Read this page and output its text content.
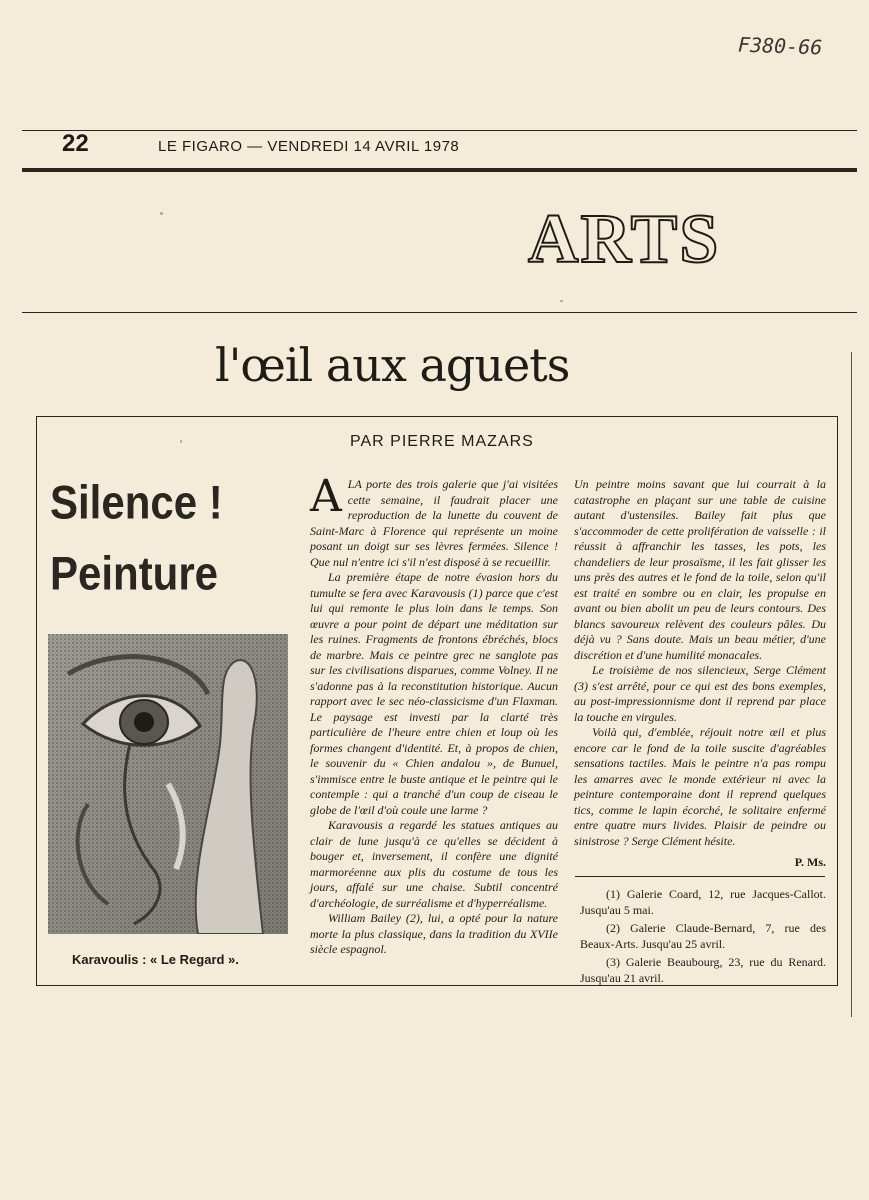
F380-66
22	LE FIGARO — VENDREDI 14 AVRIL 1978
ARTS
l'œil aux aguets
PAR PIERRE MAZARS
Silence !
Peinture
Karavoulis : « Le Regard ».

ALA porte des trois galerie que j'ai visitées cette semaine, il faudrait placer une reproduction de la lunette du couvent de Saint-Marc à Florence qui représente un moine posant un doigt sur ses lèvres fermées. Silence ! Que nul n'entre ici s'il n'est disposé à se recueillir.

La première étape de notre évasion hors du tumulte se fera avec Karavousis (1) parce que c'est lui qui remonte le plus loin dans le temps. Son œuvre a pour point de départ une méditation sur les ruines. Fragments de frontons ébréchés, blocs de marbre. Mais ce peintre grec ne sanglote pas sur les civilisations disparues, comme Volney. Il ne s'adonne pas à la reconstitution historique. Aucun rapport avec le sec néo-classicisme d'un Flaxman. Le paysage est investi par la clarté très particulière de l'heure entre chien et loup où les formes changent d'identité. Et, à propos de chien, le souvenir du « Chien andalou », de Bunuel, s'immisce entre le buste antique et le peintre qui le contemple : qui a tranché d'un coup de ciseau le globe de l'œil d'où coule une larme ?

Karavousis a regardé les statues antiques au clair de lune jusqu'à ce qu'elles se décident à bouger et, inversement, il confère une dignité marmoréenne aux plis du costume de tous les jours, affalé sur une chaise. Subtil concentré d'archéologie, de surréalisme et d'hyperréalisme.

William Bailey (2), lui, a opté pour la nature morte la plus classique, dans la tradition du XVIIe siècle espagnol.

Un peintre moins savant que lui courrait à la catastrophe en plaçant sur une table de cuisine autant d'ustensiles. Bailey fait plus que s'accommoder de cette prolifération de vaisselle : il réussit à affranchir les tasses, les pots, les chandeliers de leur prosaïsme, il les fait glisser les uns près des autres et le fond de la toile, selon qu'il est traité en sombre ou en clair, les propulse en avant ou bien abolit un peu de leurs contours. Des blancs savoureux relèvent des couleurs pâles. Du déjà vu ? Sans doute. Mais un beau métier, d'une discrétion et d'une humilité monacales.

Le troisième de nos silencieux, Serge Clément (3) s'est arrêté, pour ce qui est des bons exemples, au post-impressionnisme dont il reprend par place la touche en virgules.

Voilà qui, d'emblée, réjouit notre œil et plus encore car le fond de la toile suscite d'agréables sensations tactiles. Mais le peintre n'a pas rompu les amarres avec le monde extérieur ni avec la peinture contemporaine dont il reprend quelques tics, comme le lapin écorché, le solitaire enfermé entre quatre murs livides. Plaisir de peindre ou sinistrose ? Serge Clément hésite.

P. Ms.

(1) Galerie Coard, 12, rue Jacques-Callot. Jusqu'au 5 mai.

(2) Galerie Claude-Bernard, 7, rue des Beaux-Arts. Jusqu'au 25 avril.

(3) Galerie Beaubourg, 23, rue du Renard. Jusqu'au 21 avril.
